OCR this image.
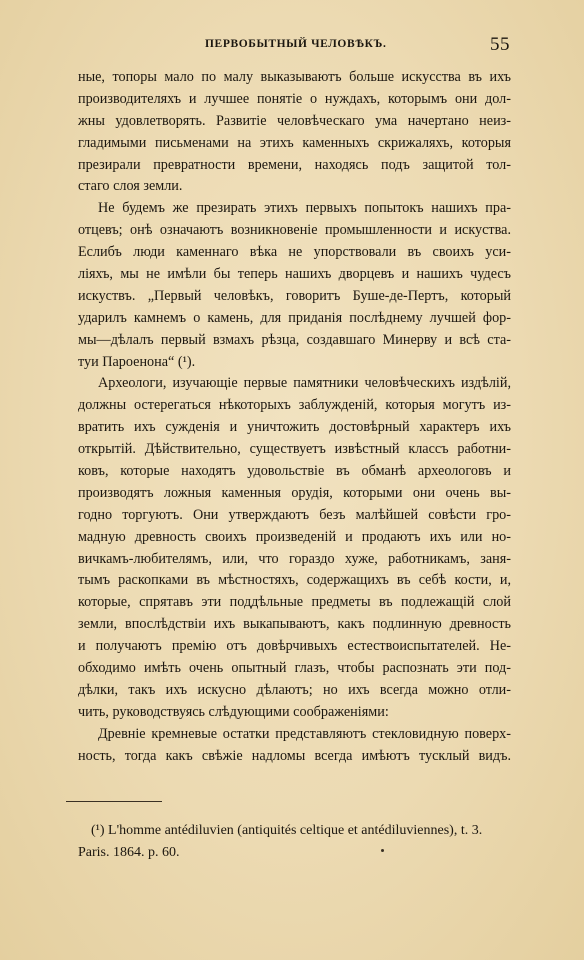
ПЕРВОБЫТНЫЙ ЧЕЛОВѢКЪ.	55
ные, топоры мало по малу выказываютъ больше искусства въ ихъ
производителяхъ и лучшее понятіе о нуждахъ, которымъ они дол-
жны удовлетворять. Развитіе человѣческаго ума начертано неиз-
гладимыми письменами на этихъ каменныхъ скрижаляхъ, которыя
презирали превратности времени, находясь подъ защитой тол-
стаго слоя земли.
Не будемъ же презирать этихъ первыхъ попытокъ нашихъ пра-
отцевъ; онѣ означаютъ возникновеніе промышленности и искуства.
Еслибъ люди каменнаго вѣка не упорствовали въ своихъ уси-
ліяхъ, мы не имѣли бы теперь нашихъ дворцевъ и нашихъ чудесъ
искуствъ. „Первый человѣкъ, говоритъ Буше-де-Пертъ, который
ударилъ камнемъ о камень, для приданія послѣднему лучшей фор-
мы—дѣлалъ первый взмахъ рѣзца, создавшаго Минерву и всѣ ста-
туи Пароенона“ (¹).
Археологи, изучающіе первые памятники человѣческихъ издѣлій,
должны остерегаться нѣкоторыхъ заблужденій, которыя могутъ из-
вратить ихъ сужденія и уничтожить достовѣрный характеръ ихъ
открытій. Дѣйствительно, существуетъ извѣстный классъ работни-
ковъ, которые находятъ удовольствіе въ обманѣ археологовъ и
производятъ ложныя каменныя орудія, которыми они очень вы-
годно торгуютъ. Они утверждаютъ безъ малѣйшей совѣсти гро-
мадную древность своихъ произведеній и продаютъ ихъ или но-
вичкамъ-любителямъ, или, что гораздо хуже, работникамъ, заня-
тымъ раскопками въ мѣстностяхъ, содержащихъ въ себѣ кости, и,
которые, спрятавъ эти поддѣльные предметы въ подлежащій слой
земли, впослѣдствіи ихъ выкапываютъ, какъ подлинную древность
и получаютъ премію отъ довѣрчивыхъ естествоиспытателей. Не-
обходимо имѣть очень опытный глазъ, чтобы распознать эти под-
дѣлки, такъ ихъ искусно дѣлаютъ; но ихъ всегда можно отли-
чить, руководствуясь слѣдующими соображеніями:
Древніе кремневые остатки представляютъ стекловидную поверх-
ность, тогда какъ свѣжіе надломы всегда имѣютъ тусклый видъ.
(¹) L'homme antédiluvien (antiquités celtique et antédiluviennes), t. 3.
Paris. 1864. p. 60.
